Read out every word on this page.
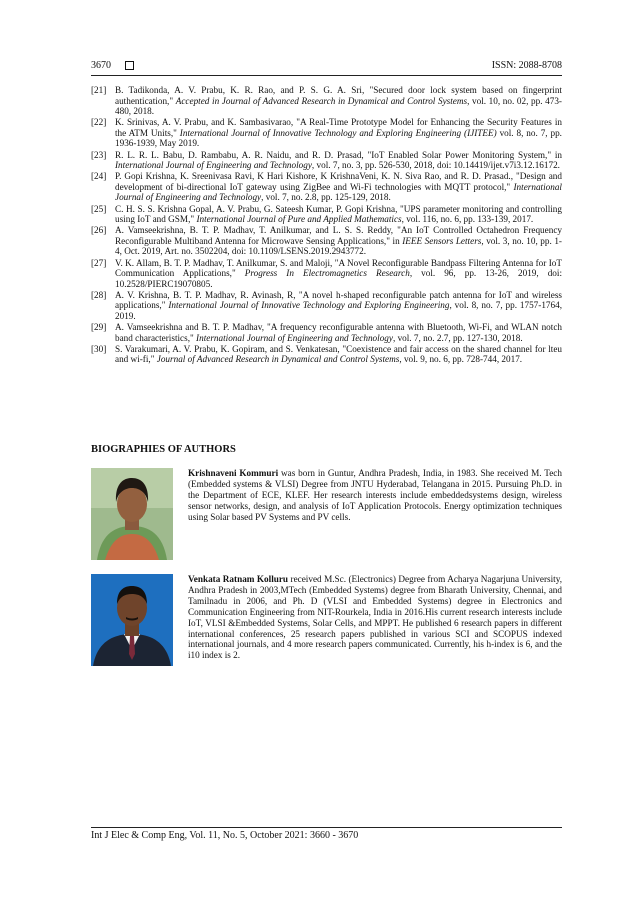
3670	ISSN: 2088-8708
[21] B. Tadikonda, A. V. Prabu, K. R. Rao, and P. S. G. A. Sri, "Secured door lock system based on fingerprint authentication," Accepted in Journal of Advanced Research in Dynamical and Control Systems, vol. 10, no. 02, pp. 473-480, 2018.
[22] K. Srinivas, A. V. Prabu, and K. Sambasivarao, "A Real-Time Prototype Model for Enhancing the Security Features in the ATM Units," International Journal of Innovative Technology and Exploring Engineering (IJITEE) vol. 8, no. 7, pp. 1936-1939, May 2019.
[23] R. L. R. L. Babu, D. Rambabu, A. R. Naidu, and R. D. Prasad, "IoT Enabled Solar Power Monitoring System," in International Journal of Engineering and Technology, vol. 7, no. 3, pp. 526-530, 2018, doi: 10.14419/ijet.v7i3.12.16172.
[24] P. Gopi Krishna, K. Sreenivasa Ravi, K Hari Kishore, K KrishnaVeni, K. N. Siva Rao, and R. D. Prasad., "Design and development of bi-directional IoT gateway using ZigBee and Wi-Fi technologies with MQTT protocol," International Journal of Engineering and Technology, vol. 7, no. 2.8, pp. 125-129, 2018.
[25] C. H. S. S. Krishna Gopal, A. V. Prabu, G. Sateesh Kumar, P. Gopi Krishna, "UPS parameter monitoring and controlling using IoT and GSM," International Journal of Pure and Applied Mathematics, vol. 116, no. 6, pp. 133-139, 2017.
[26] A. Vamseekrishna, B. T. P. Madhav, T. Anilkumar, and L. S. S. Reddy, "An IoT Controlled Octahedron Frequency Reconfigurable Multiband Antenna for Microwave Sensing Applications," in IEEE Sensors Letters, vol. 3, no. 10, pp. 1-4, Oct. 2019, Art. no. 3502204, doi: 10.1109/LSENS.2019.2943772.
[27] V. K. Allam, B. T. P. Madhav, T. Anilkumar, S. and Maloji, "A Novel Reconfigurable Bandpass Filtering Antenna for IoT Communication Applications," Progress In Electromagnetics Research, vol. 96, pp. 13-26, 2019, doi: 10.2528/PIERC19070805.
[28] A. V. Krishna, B. T. P. Madhav, R. Avinash, R, "A novel h-shaped reconfigurable patch antenna for IoT and wireless applications," International Journal of Innovative Technology and Exploring Engineering, vol. 8, no. 7, pp. 1757-1764, 2019.
[29] A. Vamseekrishna and B. T. P. Madhav, "A frequency reconfigurable antenna with Bluetooth, Wi-Fi, and WLAN notch band characteristics," International Journal of Engineering and Technology, vol. 7, no. 2.7, pp. 127-130, 2018.
[30] S. Varakumari, A. V. Prabu, K. Gopiram, and S. Venkatesan, "Coexistence and fair access on the shared channel for lteu and wi-fi," Journal of Advanced Research in Dynamical and Control Systems, vol. 9, no. 6, pp. 728-744, 2017.
BIOGRAPHIES OF AUTHORS

Krishnaveni Kommuri was born in Guntur, Andhra Pradesh, India, in 1983. She received M. Tech (Embedded systems & VLSI) Degree from JNTU Hyderabad, Telangana in 2015. Pursuing Ph.D. in the Department of ECE, KLEF. Her research interests include embeddedsystems design, wireless sensor networks, design, and analysis of IoT Application Protocols. Energy optimization techniques using Solar based PV Systems and PV cells.

Venkata Ratnam Kolluru received M.Sc. (Electronics) Degree from Acharya Nagarjuna University, Andhra Pradesh in 2003,MTech (Embedded Systems) degree from Bharath University, Chennai, and Tamilnadu in 2006, and Ph. D (VLSI and Embedded Systems) degree in Electronics and Communication Engineering from NIT-Rourkela, India in 2016.His current research interests include IoT, VLSI &Embedded Systems, Solar Cells, and MPPT. He published 6 research papers in different international conferences, 25 research papers published in various SCI and SCOPUS indexed international journals, and 4 more research papers communicated. Currently, his h-index is 6, and the i10 index is 2.

Int J Elec & Comp Eng, Vol. 11, No. 5, October 2021: 3660 - 3670
